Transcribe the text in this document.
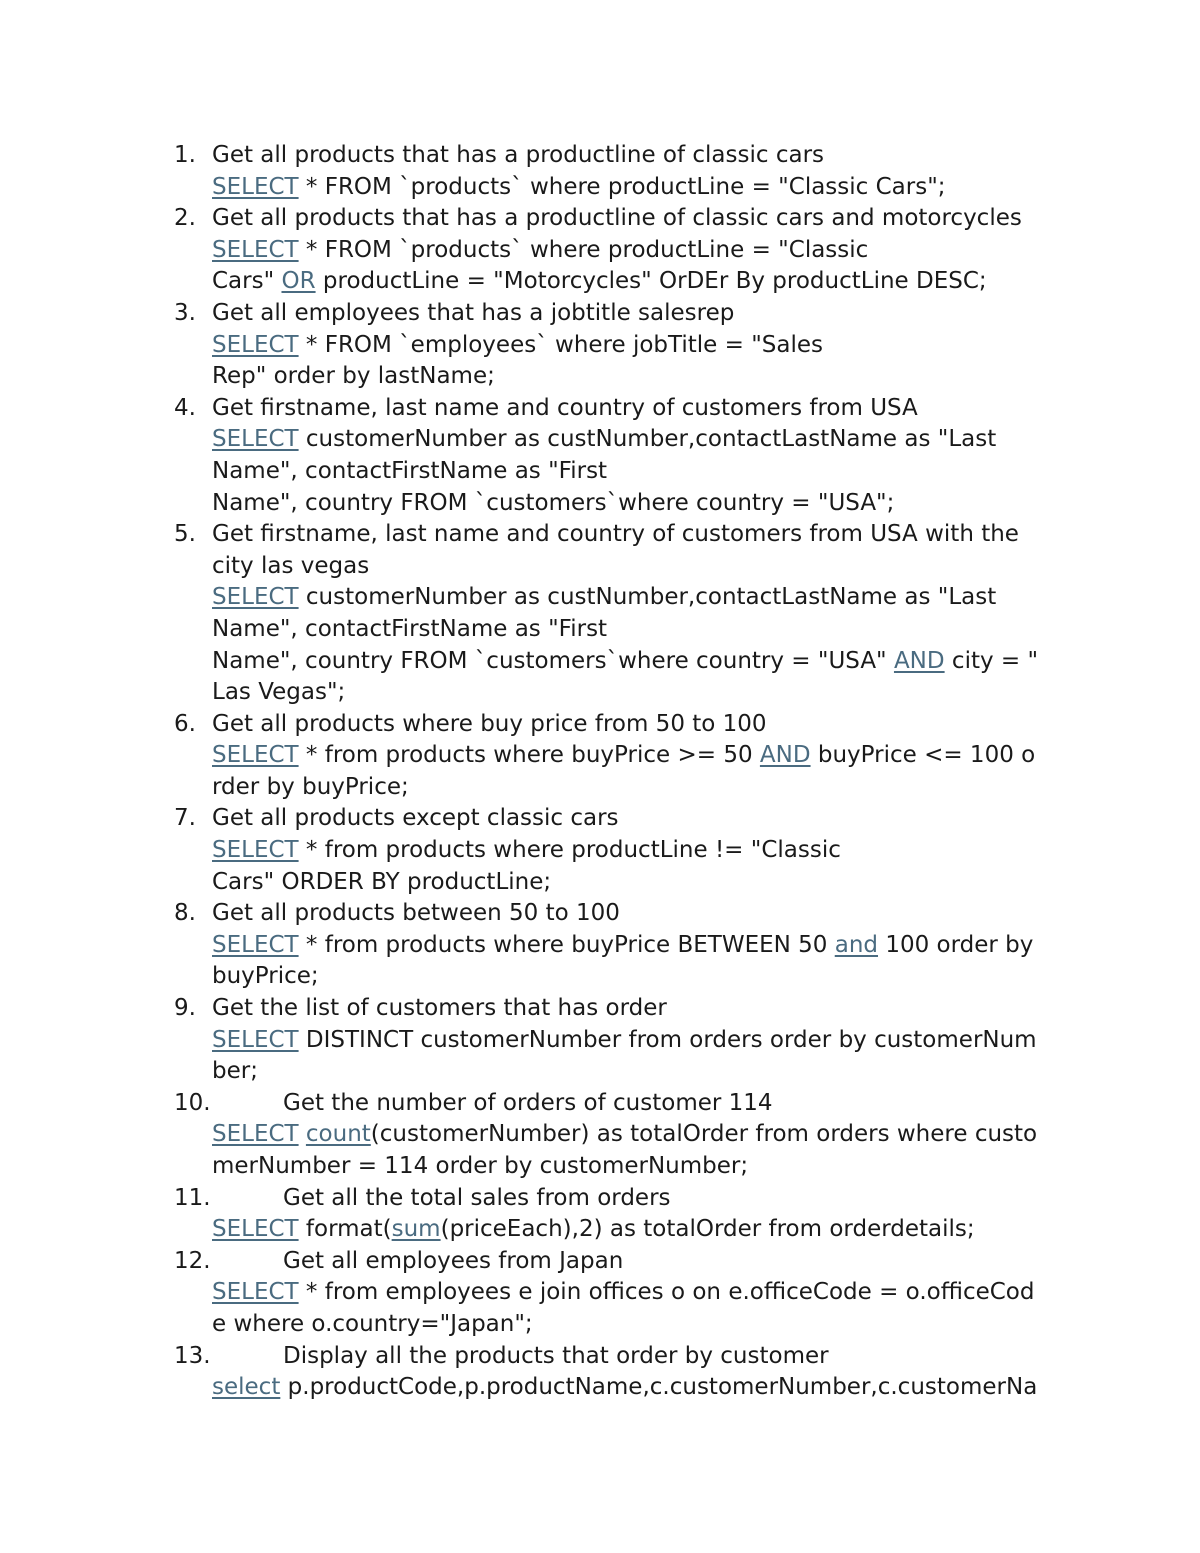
1. Get all products that has a productline of classic cars
SELECT * FROM `products` where productLine = "Classic Cars";
2. Get all products that has a productline of classic cars and motorcycles
SELECT * FROM `products` where productLine = "Classic
Cars" OR productLine = "Motorcycles" OrDEr By productLine DESC;
3. Get all employees that has a jobtitle salesrep
SELECT * FROM `employees` where jobTitle = "Sales
Rep" order by lastName;
4. Get firstname, last name and country of customers from USA
SELECT customerNumber as custNumber,contactLastName as "Last
Name", contactFirstName as "First
Name", country FROM `customers`where country = "USA";
5. Get firstname, last name and country of customers from USA with the
city las vegas
SELECT customerNumber as custNumber,contactLastName as "Last
Name", contactFirstName as "First
Name", country FROM `customers`where country = "USA" AND city = "
Las Vegas";
6. Get all products where buy price from 50 to 100
SELECT * from products where buyPrice >= 50 AND buyPrice <= 100 o
rder by buyPrice;
7. Get all products except classic cars
SELECT * from products where productLine != "Classic
Cars" ORDER BY productLine;
8. Get all products between 50 to 100
SELECT * from products where buyPrice BETWEEN 50 and 100 order by
buyPrice;
9. Get the list of customers that has order
SELECT DISTINCT customerNumber from orders order by customerNum
ber;
10.	Get the number of orders of customer 114
SELECT count(customerNumber) as totalOrder from orders where custo
merNumber = 114 order by customerNumber;
11.	Get all the total sales from orders
SELECT format(sum(priceEach),2) as totalOrder from orderdetails;
12.	Get all employees from Japan
SELECT * from employees e join offices o on e.officeCode = o.officeCod
e where o.country="Japan";
13.	Display all the products that order by customer
select p.productCode,p.productName,c.customerNumber,c.customerNa
